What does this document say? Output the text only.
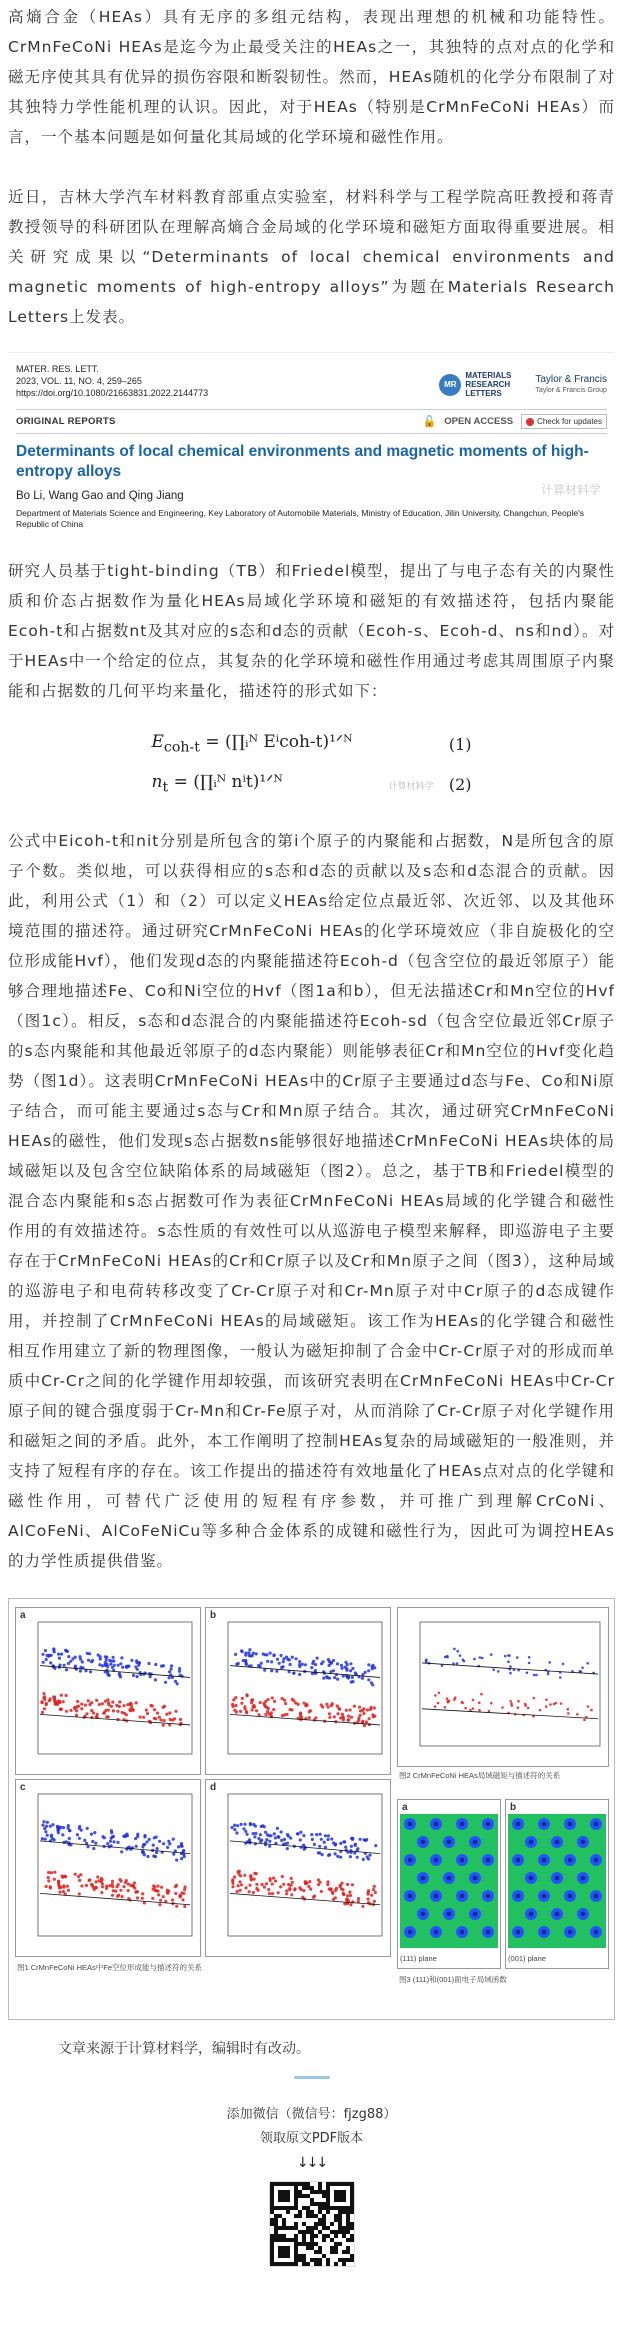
高熵合金（HEAs）具有无序的多组元结构，表现出理想的机械和功能特性。CrMnFeCoNi HEAs是迄今为止最受关注的HEAs之一，其独特的点对点的化学和磁无序使其具有优异的损伤容限和断裂韧性。然而，HEAs随机的化学分布限制了对其独特力学性能机理的认识。因此，对于HEAs（特别是CrMnFeCoNi HEAs）而言，一个基本问题是如何量化其局域的化学环境和磁性作用。

近日，吉林大学汽车材料教育部重点实验室，材料科学与工程学院高旺教授和蒋青教授领导的科研团队在理解高熵合金局域的化学环境和磁矩方面取得重要进展。相关研究成果以“Determinants of local chemical environments and magnetic moments of high-entropy alloys”为题在Materials Research Letters上发表。

MATER. RES. LETT.
2023, VOL. 11, NO. 4, 259–265
https://doi.org/10.1080/21663831.2022.2144773
MR
MATERIALS RESEARCH LETTERS
Taylor & Francis
Taylor & Francis Group
ORIGINAL REPORTS	🔓 OPEN ACCESS	Check for updates
Determinants of local chemical environments and magnetic moments of high-entropy alloys
Bo Li, Wang Gao and Qing Jiang
Department of Materials Science and Engineering, Key Laboratory of Automobile Materials, Ministry of Education, Jilin University, Changchun, People's Republic of China
计算材料学

研究人员基于tight-binding（TB）和Friedel模型，提出了与电子态有关的内聚性质和价态占据数作为量化HEAs局域化学环境和磁矩的有效描述符，包括内聚能Ecoh-t和占据数nt及其对应的s态和d态的贡献（Ecoh-s、Ecoh-d、ns和nd）。对于HEAs中一个给定的位点，其复杂的化学环境和磁性作用通过考虑其周围原子内聚能和占据数的几何平均来量化，描述符的形式如下：

$E_{coh-t}$ = (∏ᵢᴺ Eⁱcoh-t)¹ᐟᴺ	(1)
$n_t$ = (∏ᵢᴺ nⁱt)¹ᐟᴺ	(2)
计算材料学

公式中Eicoh-t和nit分别是所包含的第i个原子的内聚能和占据数，N是所包含的原子个数。类似地，可以获得相应的s态和d态的贡献以及s态和d态混合的贡献。因此，利用公式（1）和（2）可以定义HEAs给定位点最近邻、次近邻、以及其他环境范围的描述符。通过研究CrMnFeCoNi HEAs的化学环境效应（非自旋极化的空位形成能Hvf），他们发现d态的内聚能描述符Ecoh-d（包含空位的最近邻原子）能够合理地描述Fe、Co和Ni空位的Hvf（图1a和b），但无法描述Cr和Mn空位的Hvf（图1c）。相反，s态和d态混合的内聚能描述符Ecoh-sd（包含空位最近邻Cr原子的s态内聚能和其他最近邻原子的d态内聚能）则能够表征Cr和Mn空位的Hvf变化趋势（图1d）。这表明CrMnFeCoNi HEAs中的Cr原子主要通过d态与Fe、Co和Ni原子结合，而可能主要通过s态与Cr和Mn原子结合。其次，通过研究CrMnFeCoNi HEAs的磁性，他们发现s态占据数ns能够很好地描述CrMnFeCoNi HEAs块体的局域磁矩以及包含空位缺陷体系的局域磁矩（图2）。总之，基于TB和Friedel模型的混合态内聚能和s态占据数可作为表征CrMnFeCoNi HEAs局域的化学键合和磁性作用的有效描述符。s态性质的有效性可以从巡游电子模型来解释，即巡游电子主要存在于CrMnFeCoNi HEAs的Cr和Cr原子以及Cr和Mn原子之间（图3），这种局域的巡游电子和电荷转移改变了Cr-Cr原子对和Cr-Mn原子对中Cr原子的d态成键作用，并控制了CrMnFeCoNi HEAs的局域磁矩。该工作为HEAs的化学键合和磁性相互作用建立了新的物理图像，一般认为磁矩抑制了合金中Cr-Cr原子对的形成而单质中Cr-Cr之间的化学键作用却较强，而该研究表明在CrMnFeCoNi HEAs中Cr-Cr原子间的键合强度弱于Cr-Mn和Cr-Fe原子对，从而消除了Cr-Cr原子对化学键作用和磁矩之间的矛盾。此外，本工作阐明了控制HEAs复杂的局域磁矩的一般准则，并支持了短程有序的存在。该工作提出的描述符有效地量化了HEAs点对点的化学键和磁性作用，可替代广泛使用的短程有序参数，并可推广到理解CrCoNi、AlCoFeNi、AlCoFeNiCu等多种合金体系的成键和磁性行为，因此可为调控HEAs的力学性质提供借鉴。

a	b
c	d
图1 CrMnFeCoNi HEAs中Fe空位形成能与描述符的关系
图2 CrMnFeCoNi HEAs局域磁矩与描述符的关系
a
(111) plane
b
(001) plane
图3 (111)和(001)面电子局域函数
文章来源于计算材料学，编辑时有改动。
添加微信（微信号：fjzg88）
领取原文PDF版本
↓↓↓
